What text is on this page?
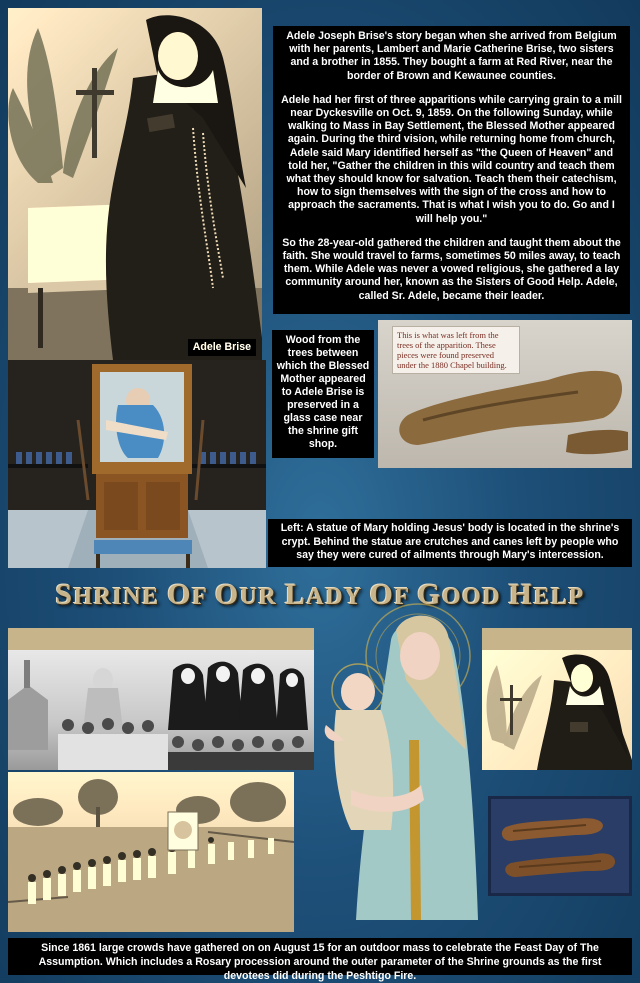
Adele Brise

Adele Joseph Brise's story began when she arrived from Belgium with her parents, Lambert and Marie Catherine Brise, two sisters and a brother in 1855. They bought a farm at Red River, near the border of Brown and Kewaunee counties.

Adele had her first of three apparitions while carrying grain to a mill near Dyckesville on Oct. 9, 1859. On the following Sunday, while walking to Mass in Bay Settlement, the Blessed Mother appeared again. During the third vision, while returning home from church, Adele said Mary identified herself as "the Queen of Heaven" and told her, "Gather the children in this wild country and teach them what they should know for salvation. Teach them their catechism, how to sign themselves with the sign of the cross and how to approach the sacraments. That is what I wish you to do. Go and I will help you."

So the 28-year-old gathered the children and taught them about the faith. She would travel to farms, sometimes 50 miles away, to teach them. While Adele was never a vowed religious, she gathered a lay community around her, known as the Sisters of Good Help. Adele, called Sr. Adele, became their leader.

Wood from the trees between which the Blessed Mother appeared to Adele Brise is preserved in a glass case near the shrine gift shop.
This is what was left from the trees of the apparition. These pieces were found preserved under the 1880 Chapel building.
Left: A statue of Mary holding Jesus' body is located in the shrine's crypt. Behind the statue are crutches and canes left by people who say they were cured of ailments through Mary's intercession.
SHRINE OF OUR LADY OF GOOD HELP
Since 1861 large crowds have gathered on on August 15 for an outdoor mass to celebrate the Feast Day of The Assumption. Which includes a Rosary procession around the outer parameter of the Shrine grounds as the first devotees did during the Peshtigo Fire.
